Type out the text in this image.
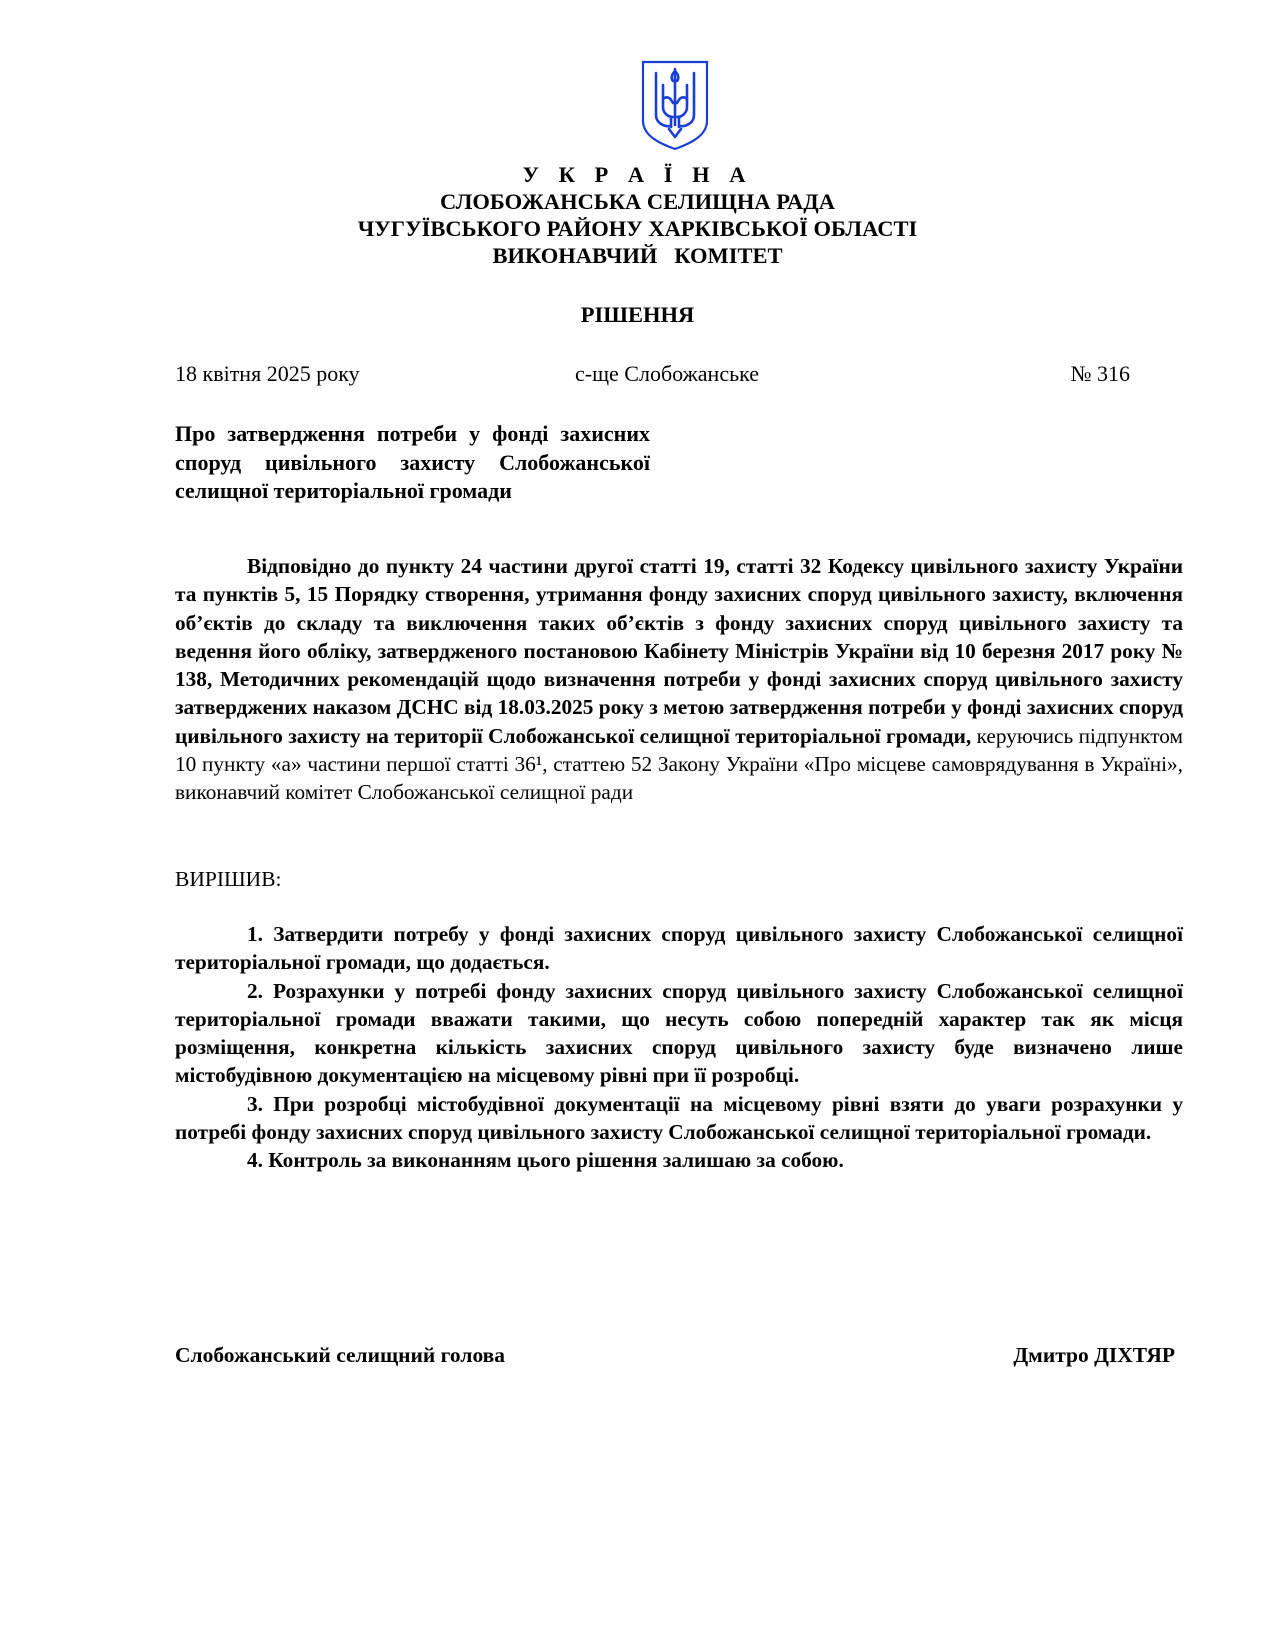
У К Р А Ї Н А
СЛОБОЖАНСЬКА СЕЛИЩНА РАДА
ЧУГУЇВСЬКОГО РАЙОНУ ХАРКІВСЬКОЇ ОБЛАСТІ
ВИКОНАВЧИЙ   КОМІТЕТ
РІШЕННЯ
18 квітня 2025 року	с-ще Слобожанське	№ 316
Про затвердження потреби у фонді захисних споруд цивільного захисту Слобожанської селищної територіальної громади

Відповідно до пункту 24 частини другої статті 19, статті 32 Кодексу цивільного захисту України та пунктів 5, 15 Порядку створення, утримання фонду захисних споруд цивільного захисту, включення об’єктів до складу та виключення таких об’єктів з фонду захисних споруд цивільного захисту та ведення його обліку, затвердженого постановою Кабінету Міністрів України від 10 березня 2017 року № 138, Методичних рекомендацій щодо визначення потреби у фонді захисних споруд цивільного захисту затверджених наказом ДСНС від 18.03.2025 року з метою затвердження потреби у фонді захисних споруд цивільного захисту на території Слобожанської селищної територіальної громади, керуючись підпунктом 10 пункту «а» частини першої статті 36¹, статтею 52 Закону України «Про місцеве самоврядування в Україні», виконавчий комітет Слобожанської селищної ради

ВИРІШИВ:

1. Затвердити потребу у фонді захисних споруд цивільного захисту Слобожанської селищної територіальної громади, що додається.

2. Розрахунки у потребі фонду захисних споруд цивільного захисту Слобожанської селищної територіальної громади вважати такими, що несуть собою попередній характер так як місця розміщення, конкретна кількість захисних споруд цивільного захисту буде визначено лише містобудівною документацією на місцевому рівні при її розробці.

3. При розробці містобудівної документації на місцевому рівні взяти до уваги розрахунки у потребі фонду захисних споруд цивільного захисту Слобожанської селищної територіальної громади.

4. Контроль за виконанням цього рішення залишаю за собою.

Слобожанський селищний голова	Дмитро ДІХТЯР
